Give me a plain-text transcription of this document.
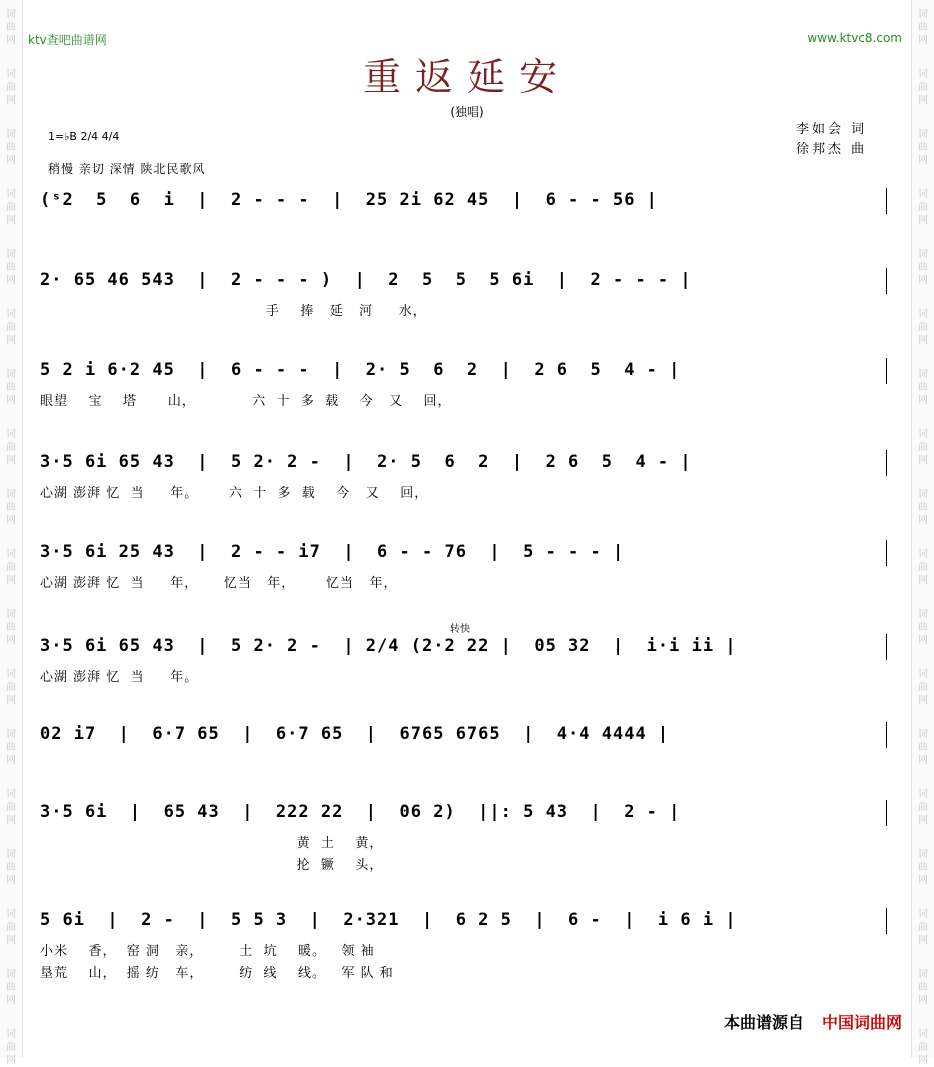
ktv查吧曲谱网	www.ktvc8.com
重返延安
(独唱)
李如会 词
徐邦杰 曲
1=♭B 2/4 4/4
稍慢 亲切 深情 陕北民歌风
(ˢ2  5  6  i  |  2 - - -  |  25 2i 62 45  |  6 - - 56 |
2· 65 46 543  |  2 - - - )  |  2  5  5  5 6i  |  2 - - - |
手    捧   延   河     水，
5 2 i 6·2 45  |  6 - - -  |  2· 5  6  2  |  2 6  5  4 - |
眼望    宝    塔      山，           六  十  多  载    今   又    回，
3·5 6i 65 43  |  5 2· 2 -  |  2· 5  6  2  |  2 6  5  4 - |
心湖 澎湃 忆  当     年。      六  十  多  载    今   又    回，
3·5 6i 25 43  |  2 - - i7  |  6 - - 76  |  5 - - - |
心湖 澎湃 忆  当     年，     忆当   年，      忆当   年，
3·5 6i 65 43  |  5 2· 2 -  | 2/4 (2·2 22 |  05 32  |  i·i ii |
转快
心湖 澎湃 忆  当     年。
02 i7  |  6·7 65  |  6·7 65  |  6765 6765  |  4·4 4444 |
3·5 6i  |  65 43  |  222 22  |  06 2)  ||: 5 43  |  2 - |
黄  土    黄，
抡  镢    头，
5 6i  |  2 -  |  5 5 3  |  2·321  |  6 2 5  |  6 -  |  i 6 i |
小米    香，  窑 洞   亲，       土  坑    暖。   领 袖
垦荒    山，  摇 纺   车，       纺  线    线。   军 队 和
本曲谱源自 中国词曲网
词
曲
网
词
曲
网
词
曲
网
词
曲
网
词
曲
网
词
曲
网
词
曲
网
词
曲
网
词
曲
网
词
曲
网
词
曲
网
词
曲
网
词
曲
网
词
曲
网
词
曲
网
词
曲
网
词
曲
网
词
曲
网
词
曲
网
词
曲
网
词
曲
网
词
曲
网
词
曲
网
词
曲
网
词
曲
网
词
曲
网
词
曲
网
词
曲
网
词
曲
网
词
曲
网
词
曲
网
词
曲
网
词
曲
网
词
曲
网
词
曲
网
词
曲
网
